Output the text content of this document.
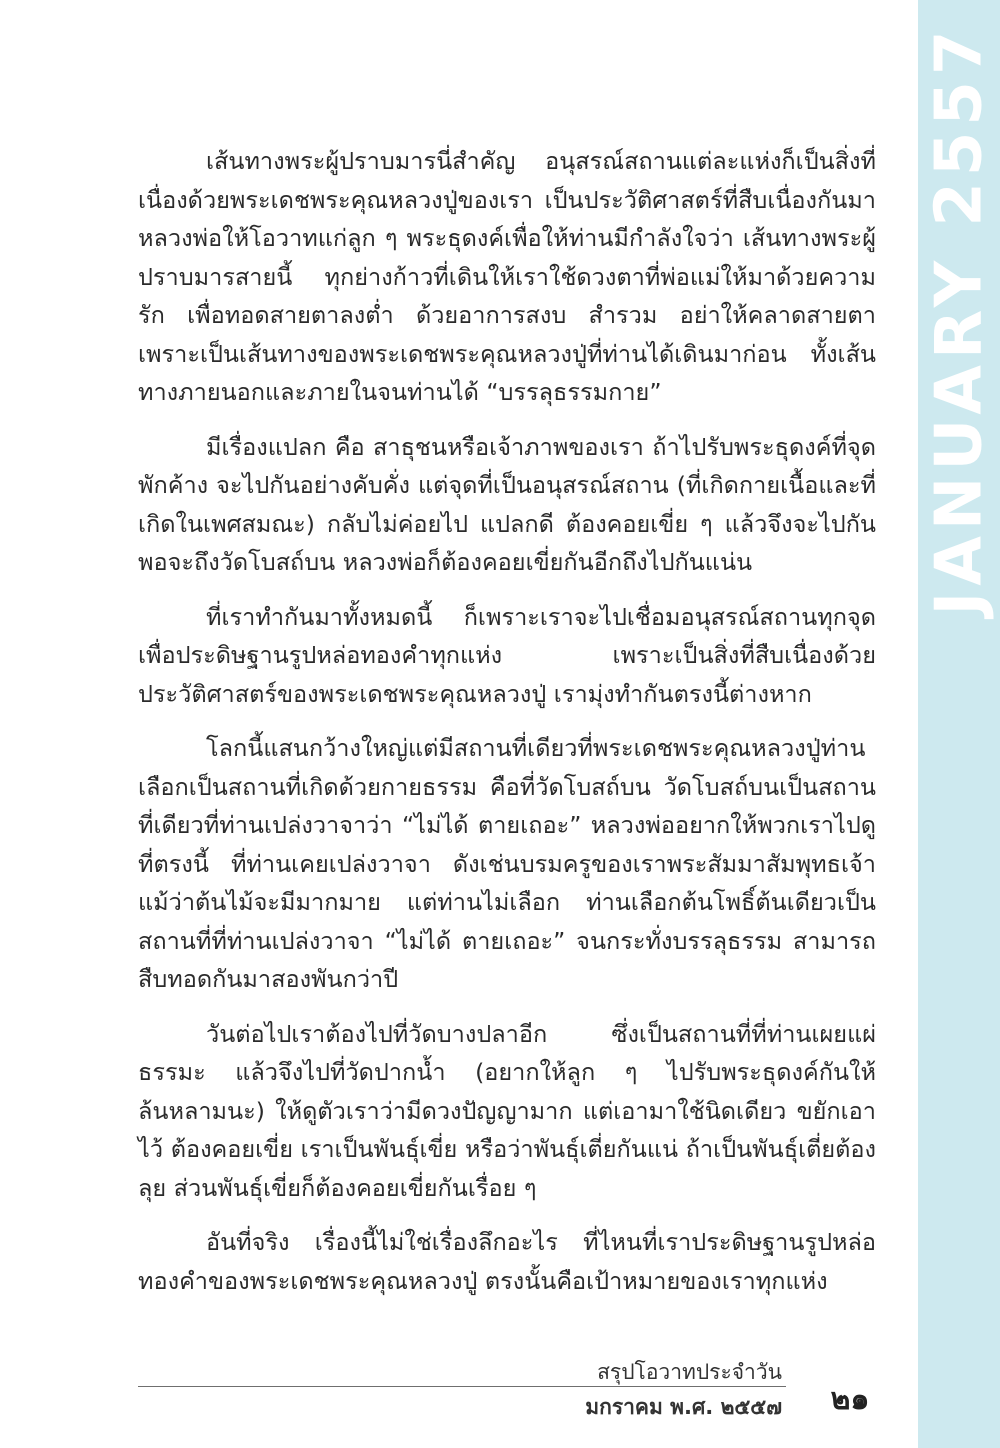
JANUARY 2557

เส้นทางพระผู้ปราบมารนี่สำคัญ อนุสรณ์สถานแต่ละแห่งก็เป็นสิ่งที่เนื่องด้วยพระเดชพระคุณหลวงปู่ของเรา เป็นประวัติศาสตร์ที่สืบเนื่องกันมา หลวงพ่อให้โอวาทแก่ลูก ๆ พระธุดงค์เพื่อให้ท่านมีกำลังใจว่า เส้นทางพระผู้ปราบมารสายนี้ ทุกย่างก้าวที่เดินให้เราใช้ดวงตาที่พ่อแม่ให้มาด้วยความรัก เพื่อทอดสายตาลงต่ำ ด้วยอาการสงบ สำรวม อย่าให้คลาดสายตา เพราะเป็นเส้นทางของพระเดชพระคุณหลวงปู่ที่ท่านได้เดินมาก่อน ทั้งเส้นทางภายนอกและภายในจนท่านได้ “บรรลุธรรมกาย”

มีเรื่องแปลก คือ สาธุชนหรือเจ้าภาพของเรา ถ้าไปรับพระธุดงค์ที่จุดพักค้าง จะไปกันอย่างคับคั่ง แต่จุดที่เป็นอนุสรณ์สถาน (ที่เกิดกายเนื้อและที่เกิดในเพศสมณะ) กลับไม่ค่อยไป แปลกดี ต้องคอยเขี่ย ๆ แล้วจึงจะไปกัน พอจะถึงวัดโบสถ์บน หลวงพ่อก็ต้องคอยเขี่ยกันอีกถึงไปกันแน่น

ที่เราทำกันมาทั้งหมดนี้ ก็เพราะเราจะไปเชื่อมอนุสรณ์สถานทุกจุดเพื่อประดิษฐานรูปหล่อทองคำทุกแห่ง เพราะเป็นสิ่งที่สืบเนื่องด้วยประวัติศาสตร์ของพระเดชพระคุณหลวงปู่ เรามุ่งทำกันตรงนี้ต่างหาก

โลกนี้แสนกว้างใหญ่แต่มีสถานที่เดียวที่พระเดชพระคุณหลวงปู่ท่านเลือกเป็นสถานที่เกิดด้วยกายธรรม คือที่วัดโบสถ์บน วัดโบสถ์บนเป็นสถานที่เดียวที่ท่านเปล่งวาจาว่า “ไม่ได้ ตายเถอะ” หลวงพ่ออยากให้พวกเราไปดูที่ตรงนี้ ที่ท่านเคยเปล่งวาจา ดังเช่นบรมครูของเราพระสัมมาสัมพุทธเจ้า แม้ว่าต้นไม้จะมีมากมาย แต่ท่านไม่เลือก ท่านเลือกต้นโพธิ์ต้นเดียวเป็นสถานที่ที่ท่านเปล่งวาจา “ไม่ได้ ตายเถอะ” จนกระทั่งบรรลุธรรม สามารถสืบทอดกันมาสองพันกว่าปี

วันต่อไปเราต้องไปที่วัดบางปลาอีก ซึ่งเป็นสถานที่ที่ท่านเผยแผ่ธรรมะ แล้วจึงไปที่วัดปากน้ำ (อยากให้ลูก ๆ ไปรับพระธุดงค์กันให้ล้นหลามนะ) ให้ดูตัวเราว่ามีดวงปัญญามาก แต่เอามาใช้นิดเดียว ขยักเอาไว้ ต้องคอยเขี่ย เราเป็นพันธุ์เขี่ย หรือว่าพันธุ์เตี่ยกันแน่ ถ้าเป็นพันธุ์เตี่ยต้องลุย ส่วนพันธุ์เขี่ยก็ต้องคอยเขี่ยกันเรื่อย ๆ

อันที่จริง เรื่องนี้ไม่ใช่เรื่องลึกอะไร ที่ไหนที่เราประดิษฐานรูปหล่อทองคำของพระเดชพระคุณหลวงปู่ ตรงนั้นคือเป้าหมายของเราทุกแห่ง

สรุปโอวาทประจำวัน
มกราคม พ.ศ. ๒๕๕๗	๒๑
